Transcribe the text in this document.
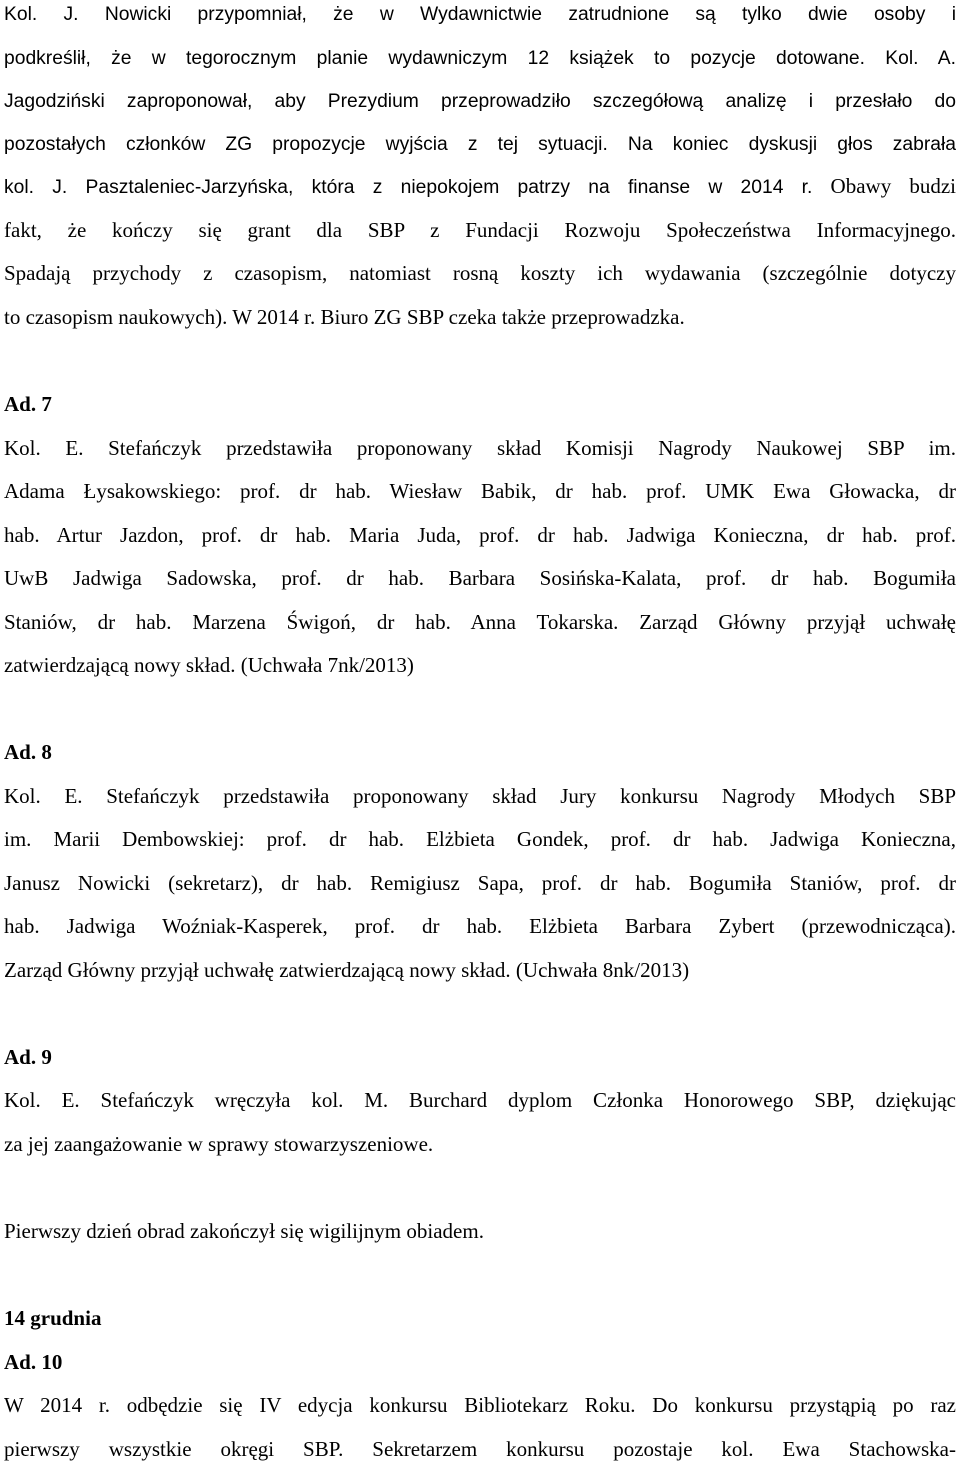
Kol. J. Nowicki przypomniał, że w Wydawnictwie zatrudnione są tylko dwie osoby i
podkreślił, że w tegorocznym planie wydawniczym 12 książek to pozycje dotowane. Kol. A.
Jagodziński zaproponował, aby Prezydium przeprowadziło szczegółową analizę i przesłało do
pozostałych członków ZG propozycje wyjścia z tej sytuacji. Na koniec dyskusji głos zabrała
kol. J. Pasztaleniec-Jarzyńska, która z niepokojem patrzy na finanse w 2014 r. Obawy budzi
fakt, że kończy się grant dla SBP z Fundacji Rozwoju Społeczeństwa Informacyjnego.
Spadają przychody z czasopism, natomiast rosną koszty ich wydawania (szczególnie dotyczy
to czasopism naukowych). W 2014 r. Biuro ZG SBP czeka także przeprowadzka.
Ad. 7
Kol. E. Stefańczyk przedstawiła proponowany skład Komisji Nagrody Naukowej SBP im.
Adama Łysakowskiego: prof. dr hab. Wiesław Babik, dr hab. prof. UMK Ewa Głowacka, dr
hab. Artur Jazdon, prof. dr hab. Maria Juda, prof. dr hab. Jadwiga Konieczna, dr hab. prof.
UwB Jadwiga Sadowska, prof. dr hab. Barbara Sosińska-Kalata, prof. dr hab. Bogumiła
Staniów, dr hab. Marzena Świgoń, dr hab. Anna Tokarska. Zarząd Główny przyjął uchwałę
zatwierdzającą nowy skład. (Uchwała 7nk/2013)
Ad. 8
Kol. E. Stefańczyk przedstawiła proponowany skład Jury konkursu Nagrody Młodych SBP
im. Marii Dembowskiej: prof. dr hab. Elżbieta Gondek, prof. dr hab. Jadwiga Konieczna,
Janusz Nowicki (sekretarz), dr hab. Remigiusz Sapa, prof. dr hab. Bogumiła Staniów, prof. dr
hab. Jadwiga Woźniak-Kasperek, prof. dr hab. Elżbieta Barbara Zybert (przewodnicząca).
Zarząd Główny przyjął uchwałę zatwierdzającą nowy skład. (Uchwała 8nk/2013)
Ad. 9
Kol. E. Stefańczyk wręczyła kol. M. Burchard dyplom Członka Honorowego SBP, dziękując
za jej zaangażowanie w sprawy stowarzyszeniowe.
Pierwszy dzień obrad zakończył się wigilijnym obiadem.
14 grudnia
Ad. 10
W 2014 r. odbędzie się IV edycja konkursu Bibliotekarz Roku. Do konkursu przystąpią po raz
pierwszy wszystkie okręgi SBP. Sekretarzem konkursu pozostaje kol. Ewa Stachowska-
